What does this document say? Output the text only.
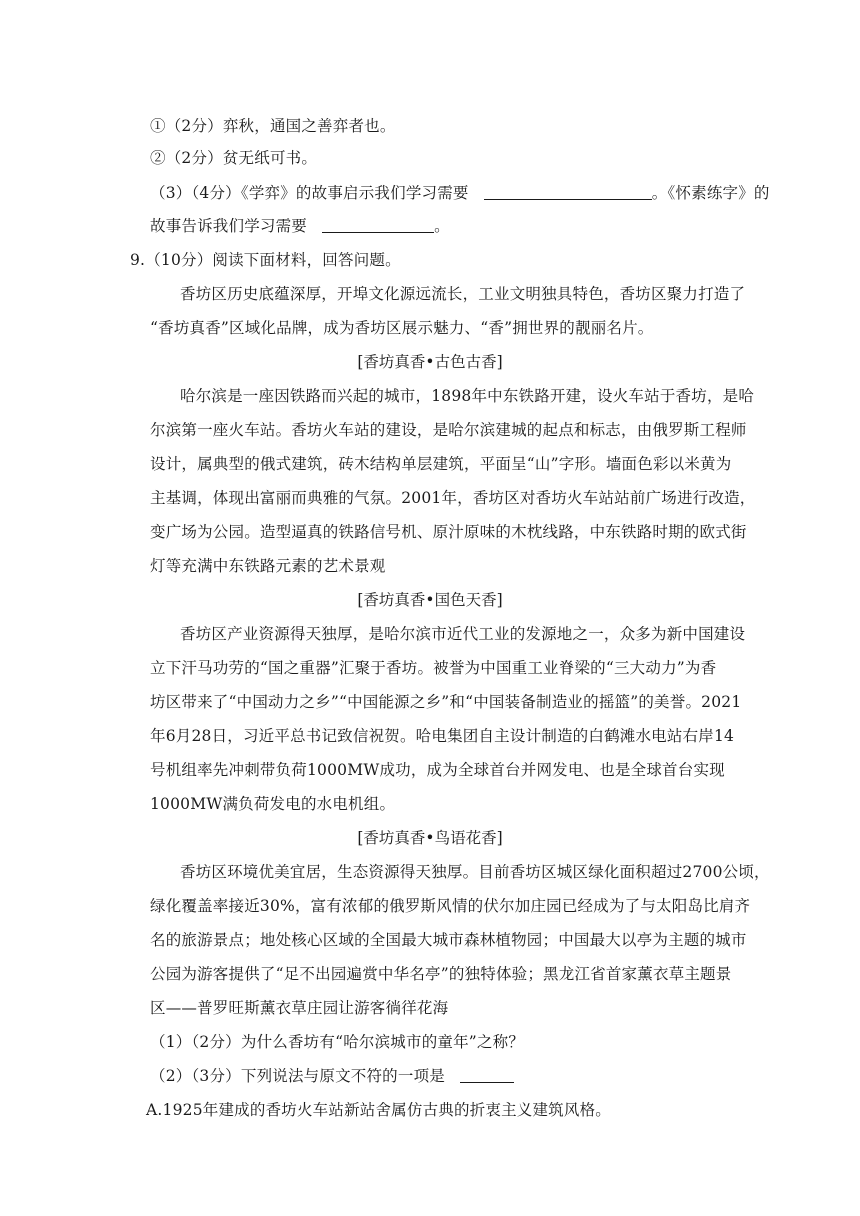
①（2分）弈秋，通国之善弈者也。
②（2分）贫无纸可书。
（3）（4分）《学弈》的故事启示我们学习需要	。《怀素练字》的
故事告诉我们学习需要	。
9.（10分）阅读下面材料，回答问题。
香坊区历史底蕴深厚，开埠文化源远流长，工业文明独具特色，香坊区聚力打造了
“香坊真香”区域化品牌，成为香坊区展示魅力、“香”拥世界的靓丽名片。
[香坊真香•古色古香]
哈尔滨是一座因铁路而兴起的城市，1898年中东铁路开建，设火车站于香坊，是哈
尔滨第一座火车站。香坊火车站的建设，是哈尔滨建城的起点和标志，由俄罗斯工程师
设计，属典型的俄式建筑，砖木结构单层建筑，平面呈“山”字形。墙面色彩以米黄为
主基调，体现出富丽而典雅的气氛。2001年，香坊区对香坊火车站站前广场进行改造，
变广场为公园。造型逼真的铁路信号机、原汁原味的木枕线路，中东铁路时期的欧式街
灯等充满中东铁路元素的艺术景观
[香坊真香•国色天香]
香坊区产业资源得天独厚，是哈尔滨市近代工业的发源地之一，众多为新中国建设
立下汗马功劳的“国之重器”汇聚于香坊。被誉为中国重工业脊梁的“三大动力”为香
坊区带来了“中国动力之乡”“中国能源之乡”和“中国装备制造业的摇篮”的美誉。2021
年6月28日，习近平总书记致信祝贺。哈电集团自主设计制造的白鹤滩水电站右岸14
号机组率先冲刺带负荷1000MW成功，成为全球首台并网发电、也是全球首台实现
1000MW满负荷发电的水电机组。
[香坊真香•鸟语花香]
香坊区环境优美宜居，生态资源得天独厚。目前香坊区城区绿化面积超过2700公顷，
绿化覆盖率接近30%，富有浓郁的俄罗斯风情的伏尔加庄园已经成为了与太阳岛比肩齐
名的旅游景点；地处核心区域的全国最大城市森林植物园；中国最大以亭为主题的城市
公园为游客提供了“足不出园遍赏中华名亭”的独特体验；黑龙江省首家薰衣草主题景
区——普罗旺斯薰衣草庄园让游客徜徉花海
（1）（2分）为什么香坊有“哈尔滨城市的童年”之称？
（2）（3分）下列说法与原文不符的一项是
A.1925年建成的香坊火车站新站舍属仿古典的折衷主义建筑风格。
